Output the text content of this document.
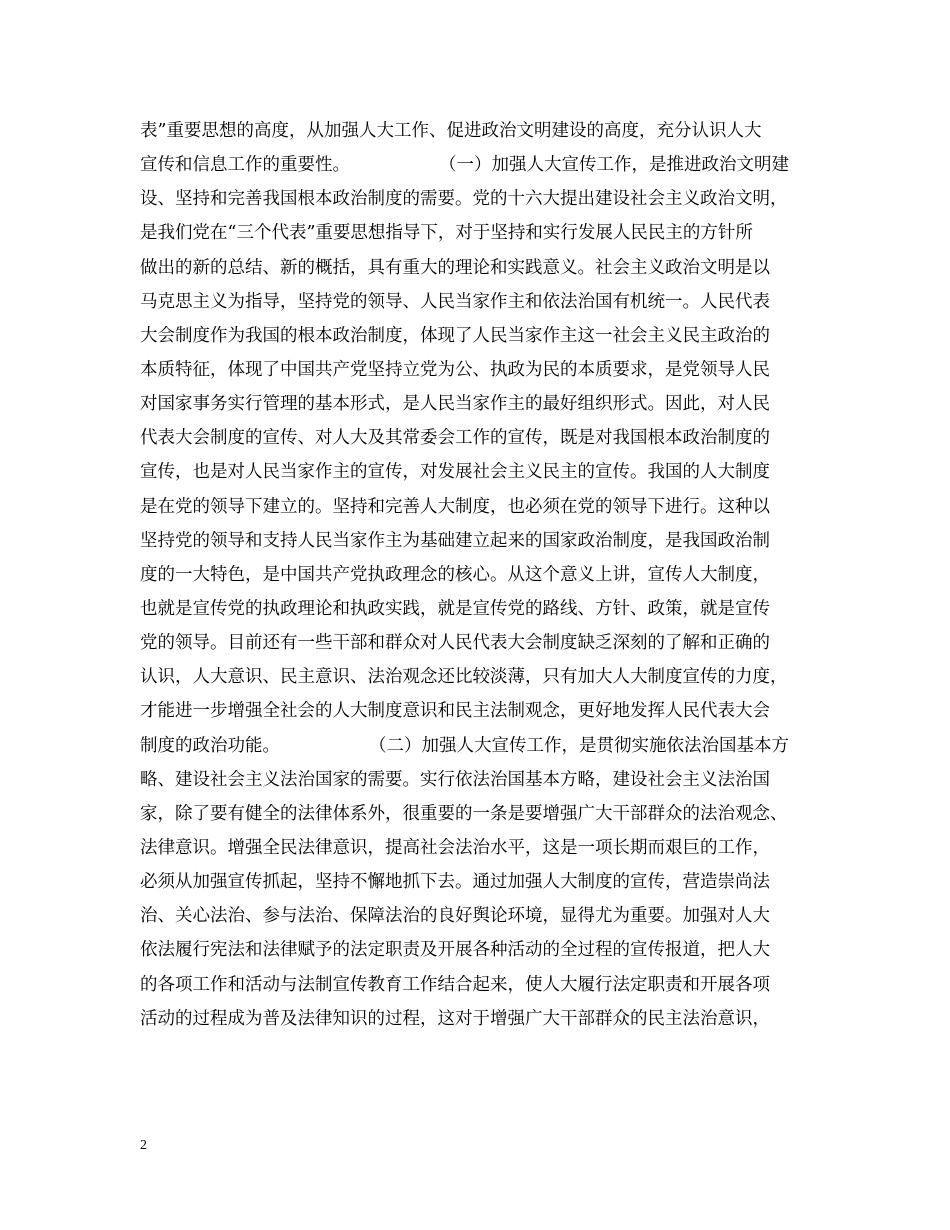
表”重要思想的高度，从加强人大工作、促进政治文明建设的高度，充分认识人大
宣传和信息工作的重要性。                （一）加强人大宣传工作，是推进政治文明建
设、坚持和完善我国根本政治制度的需要。党的十六大提出建设社会主义政治文明，
是我们党在“三个代表”重要思想指导下，对于坚持和实行发展人民民主的方针所
做出的新的总结、新的概括，具有重大的理论和实践意义。社会主义政治文明是以
马克思主义为指导，坚持党的领导、人民当家作主和依法治国有机统一。人民代表
大会制度作为我国的根本政治制度，体现了人民当家作主这一社会主义民主政治的
本质特征，体现了中国共产党坚持立党为公、执政为民的本质要求，是党领导人民
对国家事务实行管理的基本形式，是人民当家作主的最好组织形式。因此，对人民
代表大会制度的宣传、对人大及其常委会工作的宣传，既是对我国根本政治制度的
宣传，也是对人民当家作主的宣传，对发展社会主义民主的宣传。我国的人大制度
是在党的领导下建立的。坚持和完善人大制度，也必须在党的领导下进行。这种以
坚持党的领导和支持人民当家作主为基础建立起来的国家政治制度，是我国政治制
度的一大特色，是中国共产党执政理念的核心。从这个意义上讲，宣传人大制度，
也就是宣传党的执政理论和执政实践，就是宣传党的路线、方针、政策，就是宣传
党的领导。目前还有一些干部和群众对人民代表大会制度缺乏深刻的了解和正确的
认识，人大意识、民主意识、法治观念还比较淡薄，只有加大人大制度宣传的力度，
才能进一步增强全社会的人大制度意识和民主法制观念，更好地发挥人民代表大会
制度的政治功能。                （二）加强人大宣传工作，是贯彻实施依法治国基本方
略、建设社会主义法治国家的需要。实行依法治国基本方略，建设社会主义法治国
家，除了要有健全的法律体系外，很重要的一条是要增强广大干部群众的法治观念、
法律意识。增强全民法律意识，提高社会法治水平，这是一项长期而艰巨的工作，
必须从加强宣传抓起，坚持不懈地抓下去。通过加强人大制度的宣传，营造崇尚法
治、关心法治、参与法治、保障法治的良好舆论环境，显得尤为重要。加强对人大
依法履行宪法和法律赋予的法定职责及开展各种活动的全过程的宣传报道，把人大
的各项工作和活动与法制宣传教育工作结合起来，使人大履行法定职责和开展各项
活动的过程成为普及法律知识的过程，这对于增强广大干部群众的民主法治意识，
2
